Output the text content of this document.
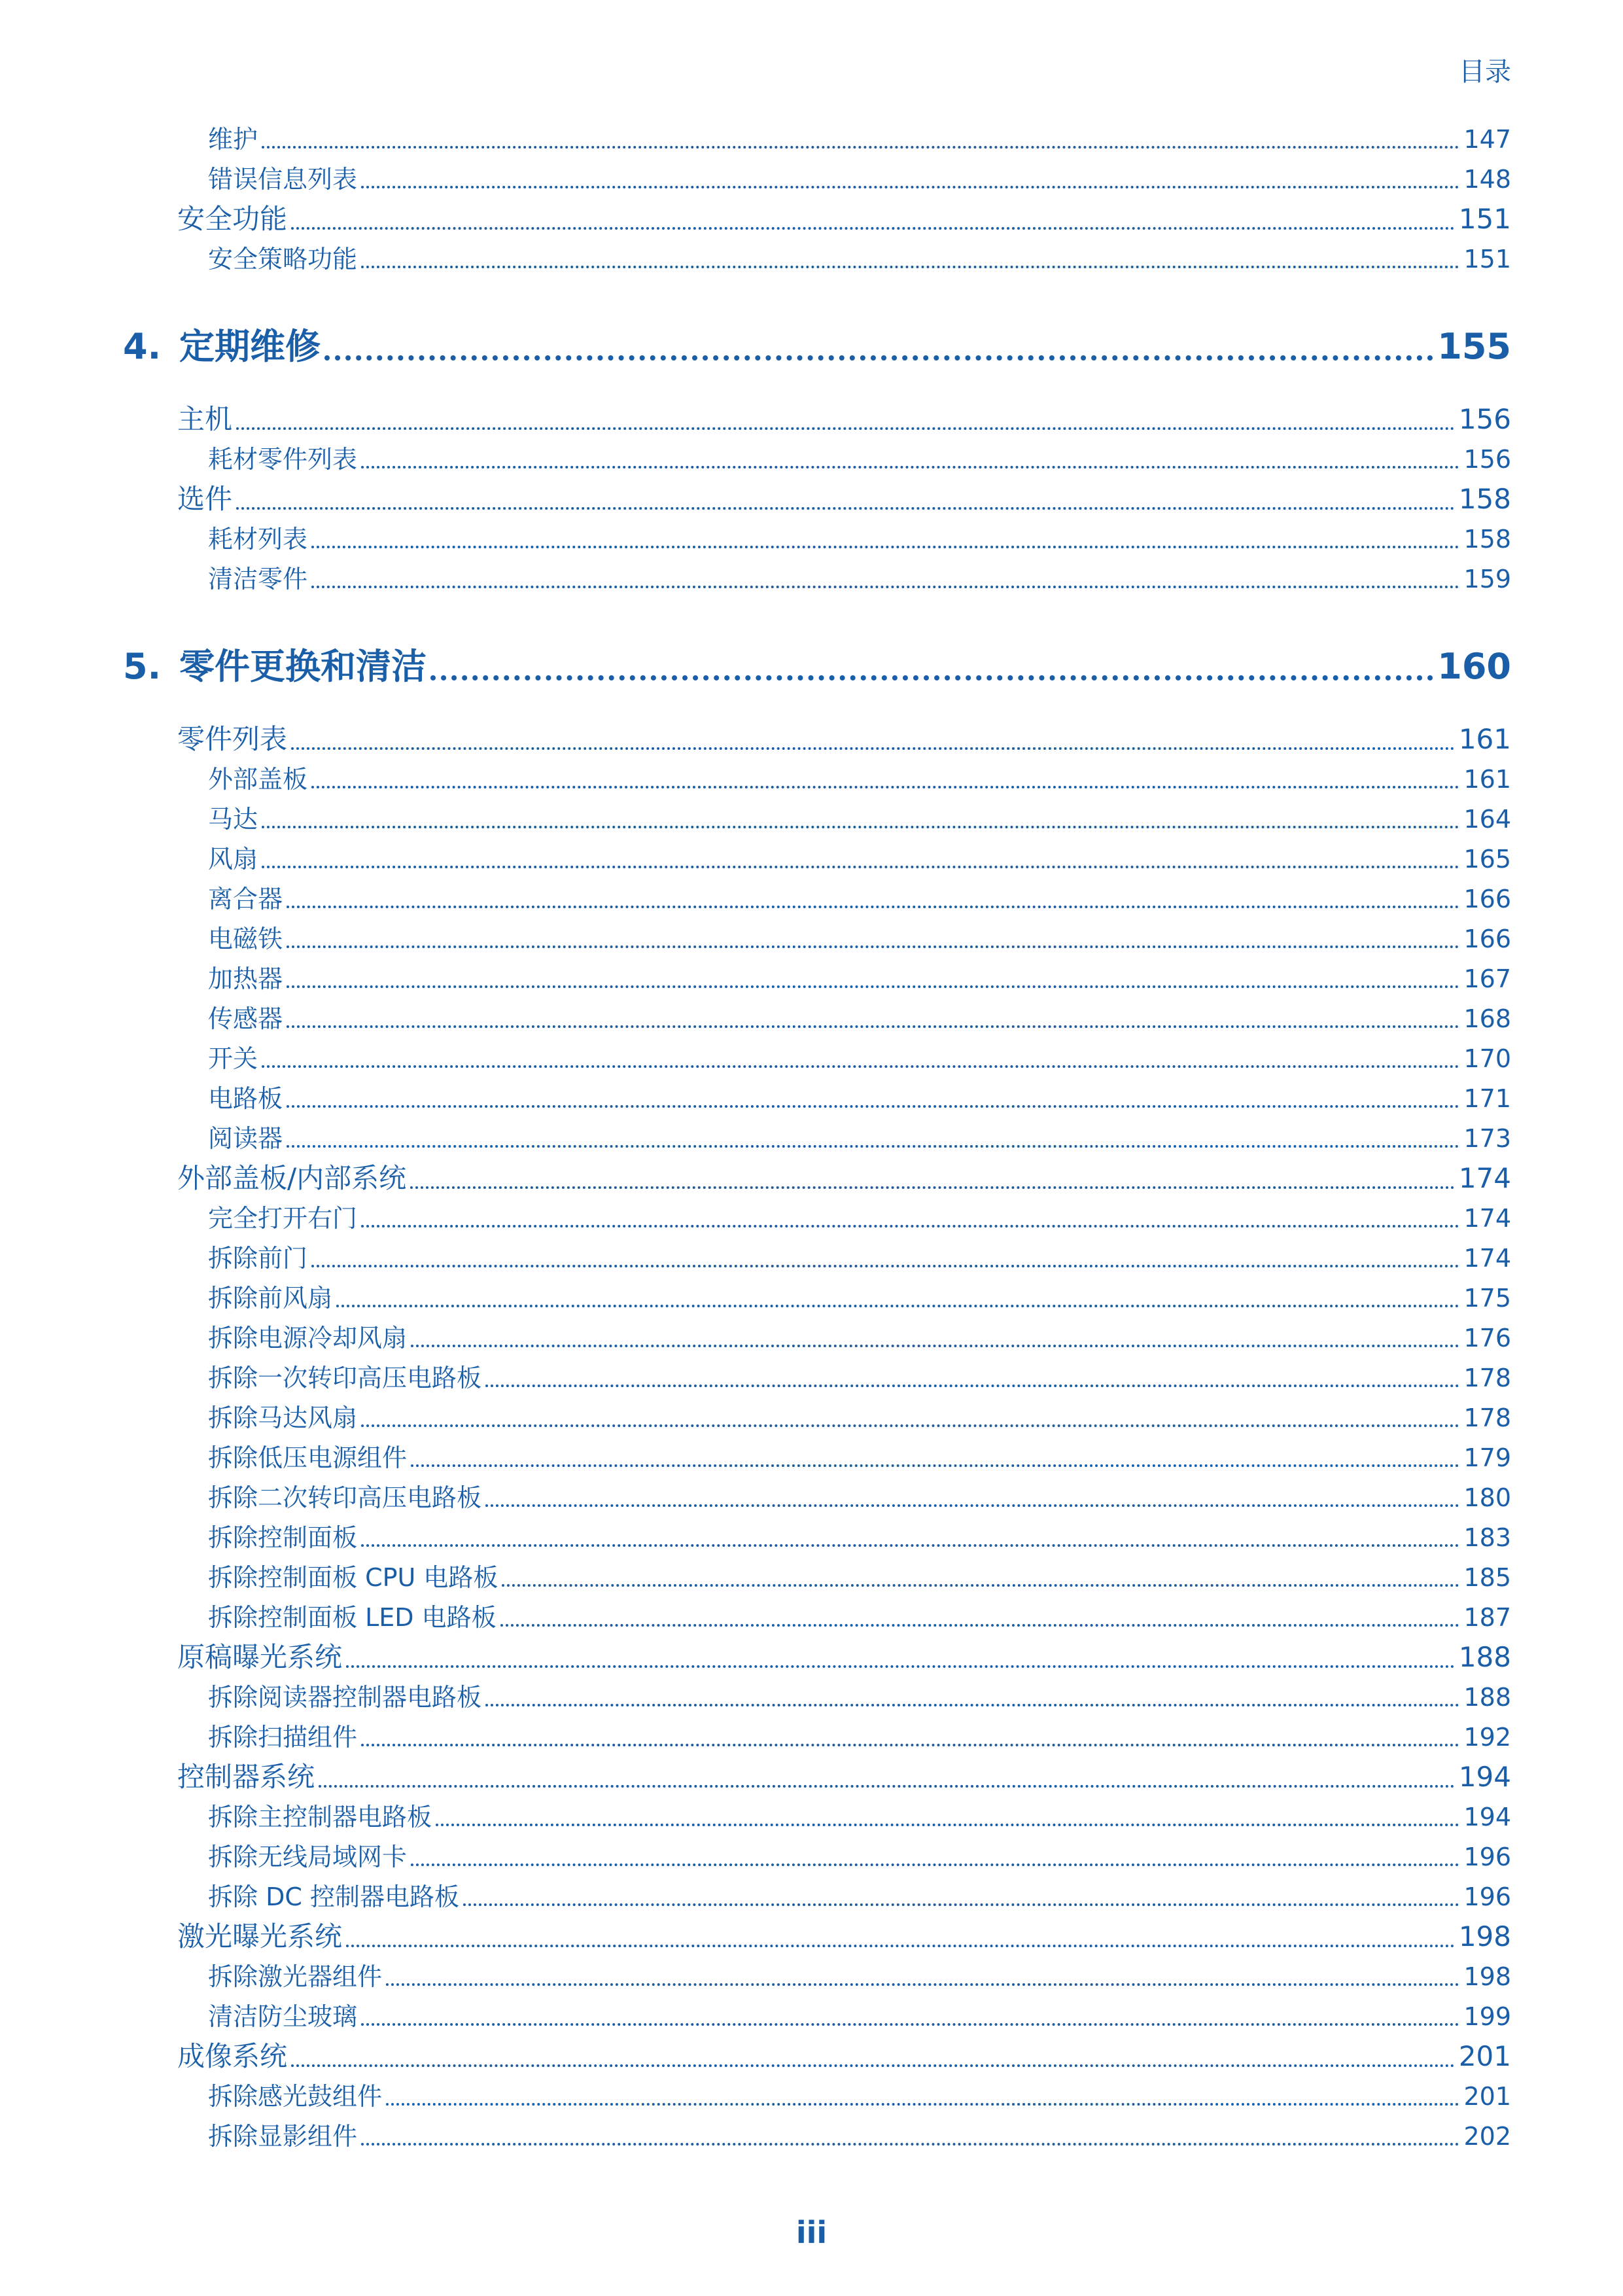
目录
维护	147
错误信息列表	148
安全功能	151
安全策略功能	151
4. 定期维修	155
主机	156
耗材零件列表	156
选件	158
耗材列表	158
清洁零件	159
5. 零件更换和清洁	160
零件列表	161
外部盖板	161
马达	164
风扇	165
离合器	166
电磁铁	166
加热器	167
传感器	168
开关	170
电路板	171
阅读器	173
外部盖板/内部系统	174
完全打开右门	174
拆除前门	174
拆除前风扇	175
拆除电源冷却风扇	176
拆除一次转印高压电路板	178
拆除马达风扇	178
拆除低压电源组件	179
拆除二次转印高压电路板	180
拆除控制面板	183
拆除控制面板 CPU 电路板	185
拆除控制面板 LED 电路板	187
原稿曝光系统	188
拆除阅读器控制器电路板	188
拆除扫描组件	192
控制器系统	194
拆除主控制器电路板	194
拆除无线局域网卡	196
拆除 DC 控制器电路板	196
激光曝光系统	198
拆除激光器组件	198
清洁防尘玻璃	199
成像系统	201
拆除感光鼓组件	201
拆除显影组件	202
iii
